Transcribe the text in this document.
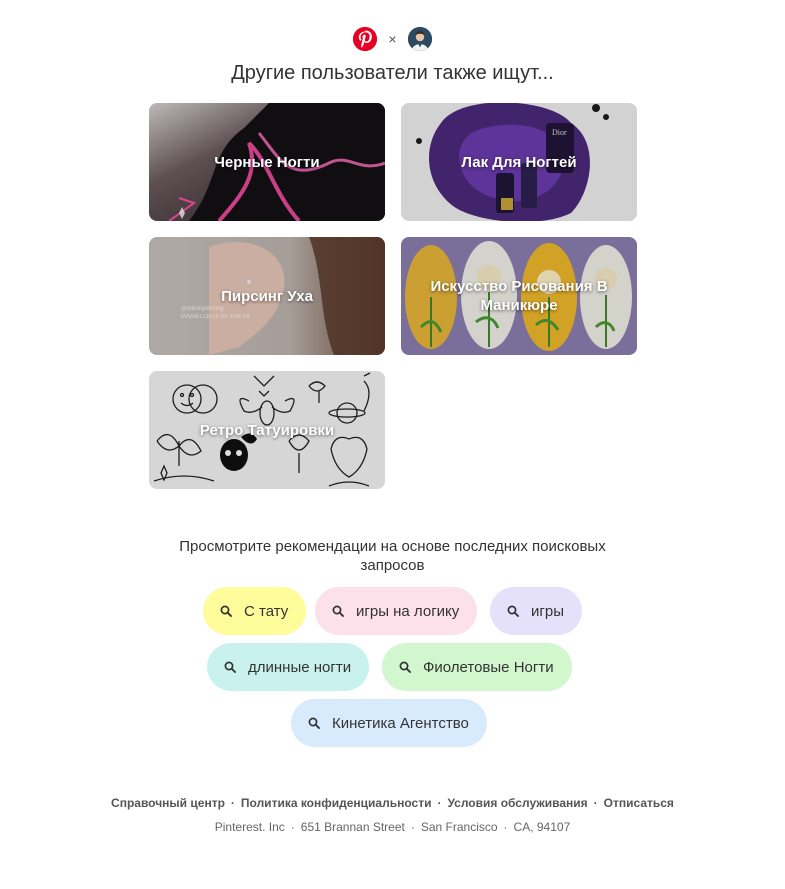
×
Другие пользователи также ищут...
Черные Ногти
Dior
Лак Для Ногтей
@billionpiercing
MARIELOU15 for 15% off
Пирсинг Уха
Искусство Рисования В Маникюре
Ретро Татуировки
Просмотрите рекомендации на основе последних поисковых запросов
С тату	игры на логику	игры
длинные ногти	Фиолетовые Ногти
Кинетика Агентство
Справочный центр · Политика конфиденциальности · Условия обслуживания · Отписаться
Pinterest. Inc · 651 Brannan Street · San Francisco · CA, 94107
